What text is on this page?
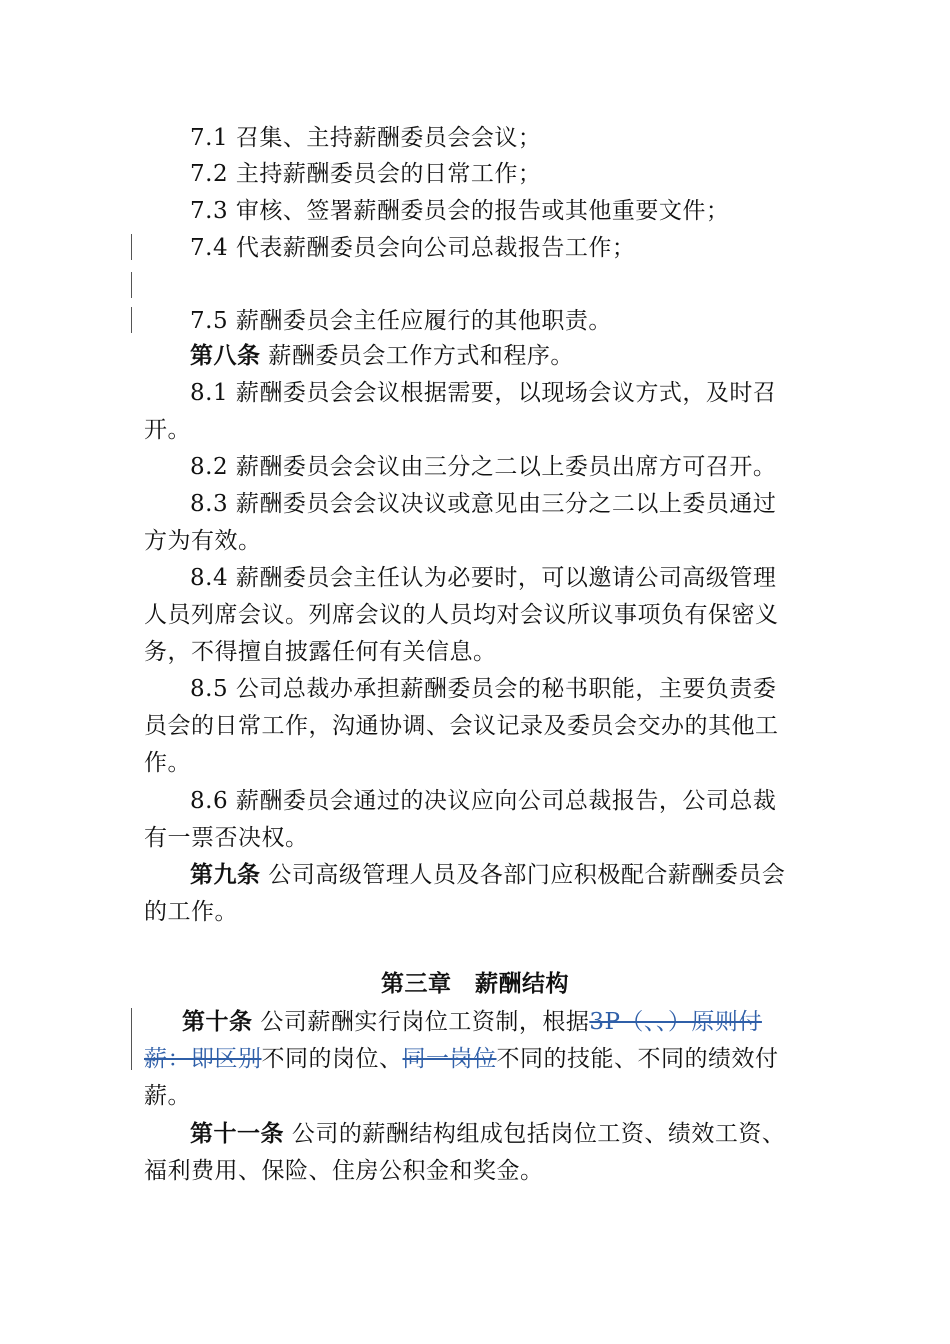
7.1 召集、主持薪酬委员会会议；
7.2 主持薪酬委员会的日常工作；
7.3 审核、签署薪酬委员会的报告或其他重要文件；
7.4 代表薪酬委员会向公司总裁报告工作；
7.5 薪酬委员会主任应履行的其他职责。
第八条 薪酬委员会工作方式和程序。
8.1 薪酬委员会会议根据需要，以现场会议方式，及时召
开。
8.2 薪酬委员会会议由三分之二以上委员出席方可召开。
8.3 薪酬委员会会议决议或意见由三分之二以上委员通过
方为有效。
8.4 薪酬委员会主任认为必要时，可以邀请公司高级管理
人员列席会议。列席会议的人员均对会议所议事项负有保密义
务，不得擅自披露任何有关信息。
8.5 公司总裁办承担薪酬委员会的秘书职能，主要负责委
员会的日常工作，沟通协调、会议记录及委员会交办的其他工
作。
8.6 薪酬委员会通过的决议应向公司总裁报告，公司总裁
有一票否决权。
第九条 公司高级管理人员及各部门应积极配合薪酬委员会
的工作。
第三章　薪酬结构
第十条 公司薪酬实行岗位工资制，根据3P（、、）原则付
薪：即区别不同的岗位、同一岗位不同的技能、不同的绩效付
薪。
第十一条 公司的薪酬结构组成包括岗位工资、绩效工资、
福利费用、保险、住房公积金和奖金。
